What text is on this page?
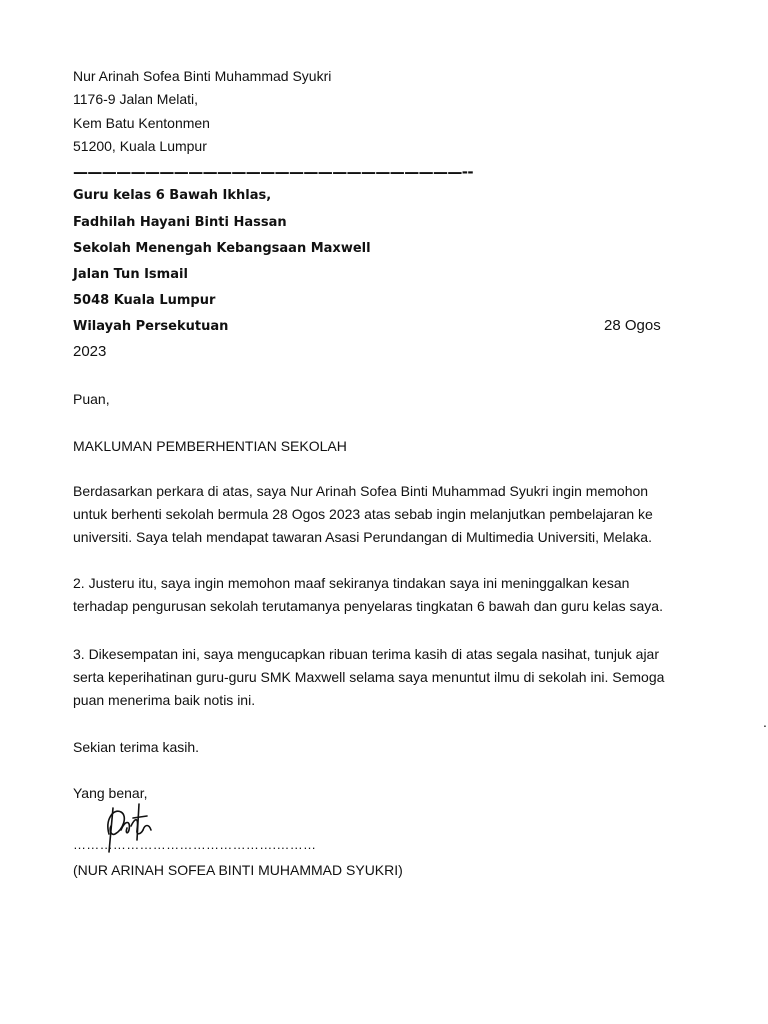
Nur Arinah Sofea Binti Muhammad Syukri
1176-9 Jalan Melati,
Kem Batu Kentonmen
51200, Kuala Lumpur
———————————————————————————--
Guru kelas 6 Bawah Ikhlas,
Fadhilah Hayani Binti Hassan
Sekolah Menengah Kebangsaan Maxwell
Jalan Tun Ismail
5048 Kuala Lumpur
Wilayah Persekutuan	28 Ogos
2023
Puan,
MAKLUMAN PEMBERHENTIAN SEKOLAH
Berdasarkan perkara di atas, saya Nur Arinah Sofea Binti Muhammad Syukri ingin memohon
untuk berhenti sekolah bermula 28 Ogos 2023 atas sebab ingin melanjutkan pembelajaran ke
universiti. Saya telah mendapat tawaran Asasi Perundangan di Multimedia Universiti, Melaka.
2. Justeru itu, saya ingin memohon maaf sekiranya tindakan saya ini meninggalkan kesan
terhadap pengurusan sekolah terutamanya penyelaras tingkatan 6 bawah dan guru kelas saya.
3. Dikesempatan ini, saya mengucapkan ribuan terima kasih di atas segala nasihat, tunjuk ajar
serta keperihatinan guru-guru SMK Maxwell selama saya menuntut ilmu di sekolah ini. Semoga
puan menerima baik notis ini.
.
Sekian terima kasih.
Yang benar,
……………………………………….………
(NUR ARINAH SOFEA BINTI MUHAMMAD SYUKRI)
